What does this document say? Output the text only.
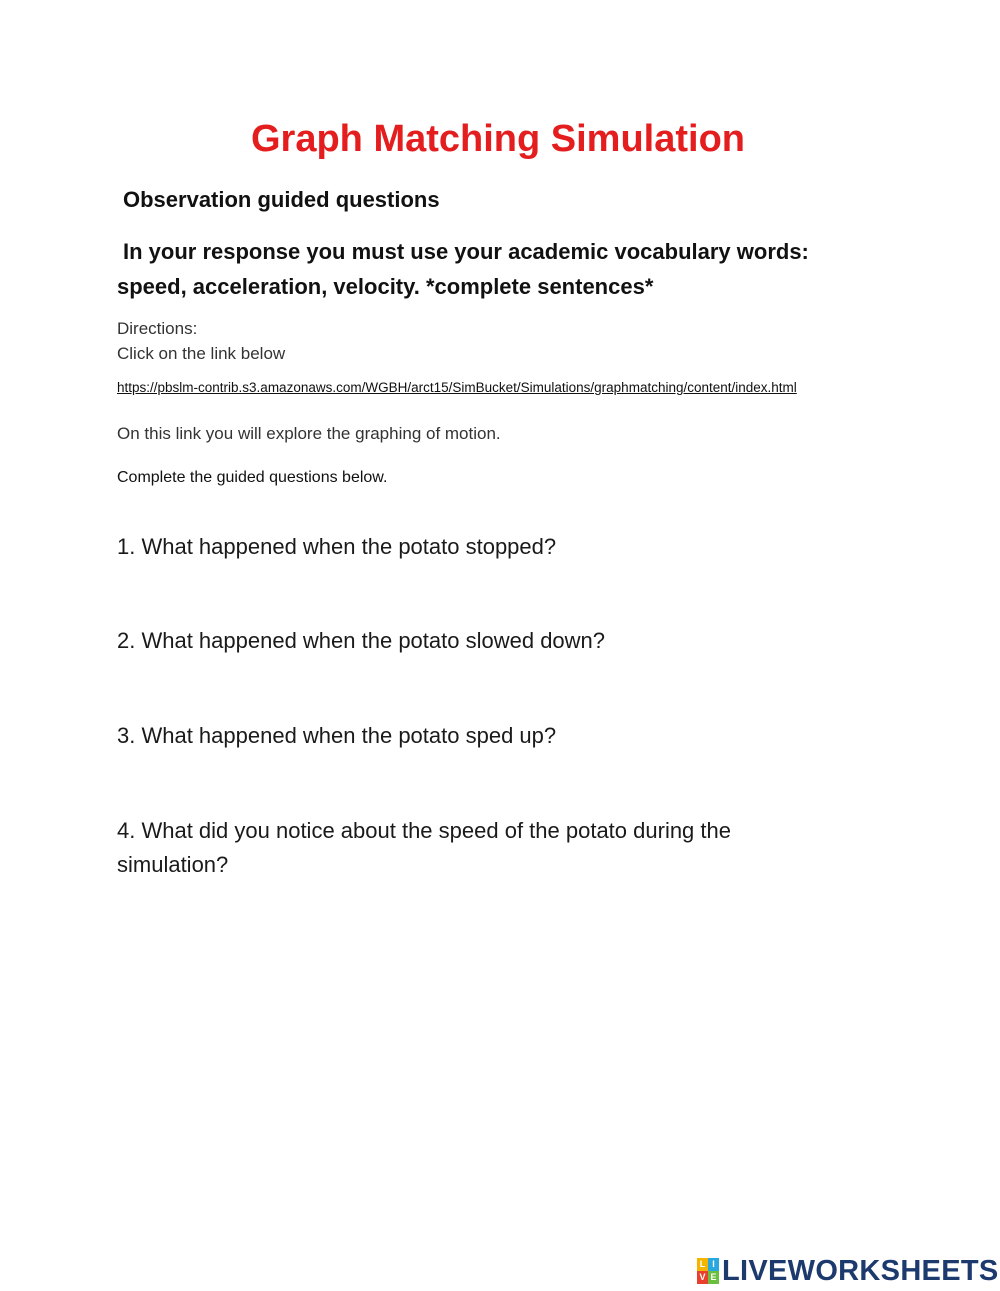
Graph Matching Simulation

Observation guided questions

In your response you must use your academic vocabulary words:
speed, acceleration, velocity. *complete sentences*
Directions:
Click on the link below
https://pbslm-contrib.s3.amazonaws.com/WGBH/arct15/SimBucket/Simulations/graphmatching/content/index.html

On this link you will explore the graphing of motion.

Complete the guided questions below.

1. What happened when the potato stopped?

2. What happened when the potato slowed down?

3. What happened when the potato sped up?

4. What did you notice about the speed of the potato during the simulation?

L I
V E LIVEWORKSHEETS
